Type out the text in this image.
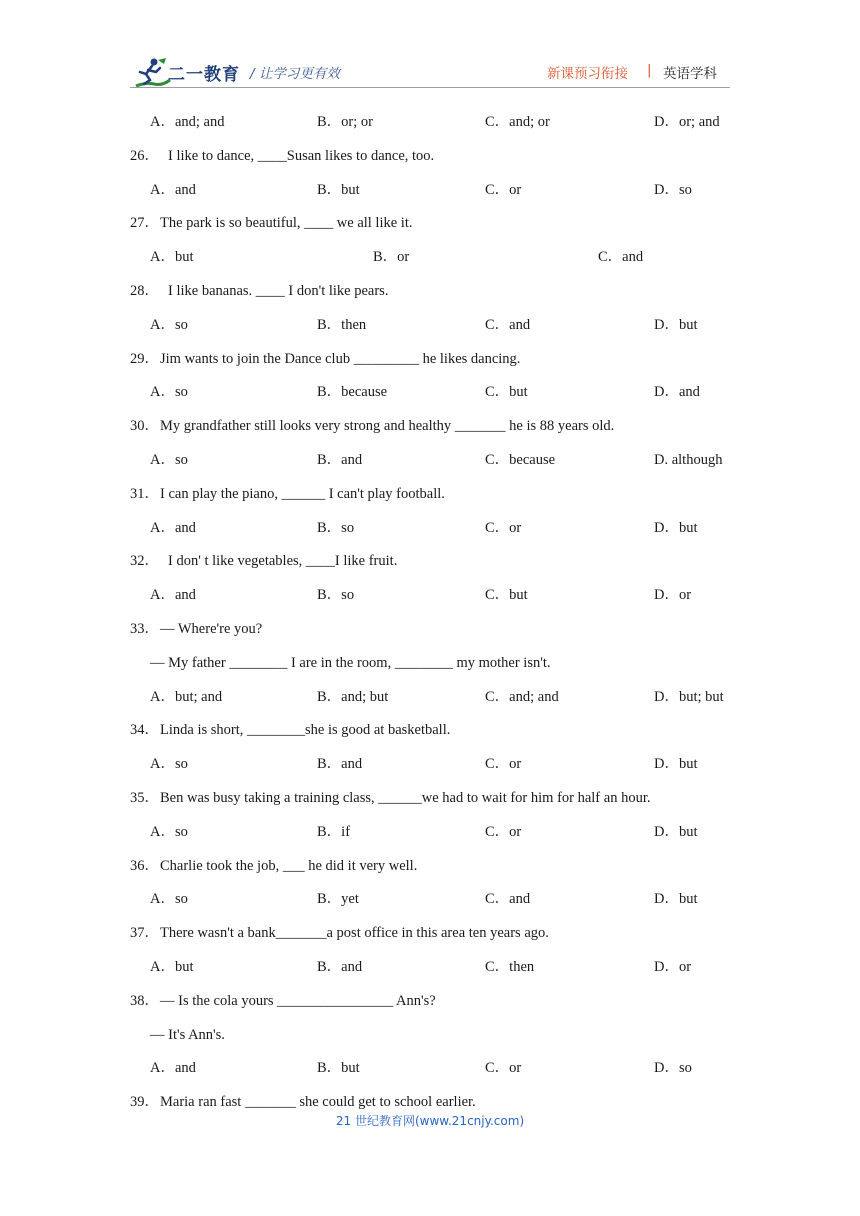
二一教育 / 让学习更有效	新课预习衔接 | 英语学科
A．and; and	B．or; or	C．and; or	D．or; and
26． I like to dance, ____Susan likes to dance, too.
A．and	B．but	C．or	D．so
27． The park is so beautiful, ____ we all like it.
A．but	B．or	C．and
28． I like bananas. ____ I don't like pears.
A．so	B．then	C．and	D．but
29． Jim wants to join the Dance club _________ he likes dancing.
A．so	B．because	C．but	D．and
30． My grandfather still looks very strong and healthy _______ he is 88 years old.
A．so	B．and	C．because	D. although
31． I can play the piano, ______ I can't play football.
A．and	B．so	C．or	D．but
32． I don' t like vegetables, ____I like fruit.
A．and	B．so	C．but	D．or
33． — Where're you?
— My father ________ I are in the room, ________ my mother isn't.
A．but; and	B．and; but	C．and; and	D．but; but
34． Linda is short, ________she is good at basketball.
A．so	B．and	C．or	D．but
35． Ben was busy taking a training class, ______we had to wait for him for half an hour.
A．so	B．if	C．or	D．but
36． Charlie took the job, ___ he did it very well.
A．so	B．yet	C．and	D．but
37． There wasn't a bank_______a post office in this area ten years ago.
A．but	B．and	C．then	D．or
38． — Is the cola yours ________________ Ann's?
— It's Ann's.
A．and	B．but	C．or	D．so
39． Maria ran fast _______ she could get to school earlier.
21 世纪教育网(www.21cnjy.com)
